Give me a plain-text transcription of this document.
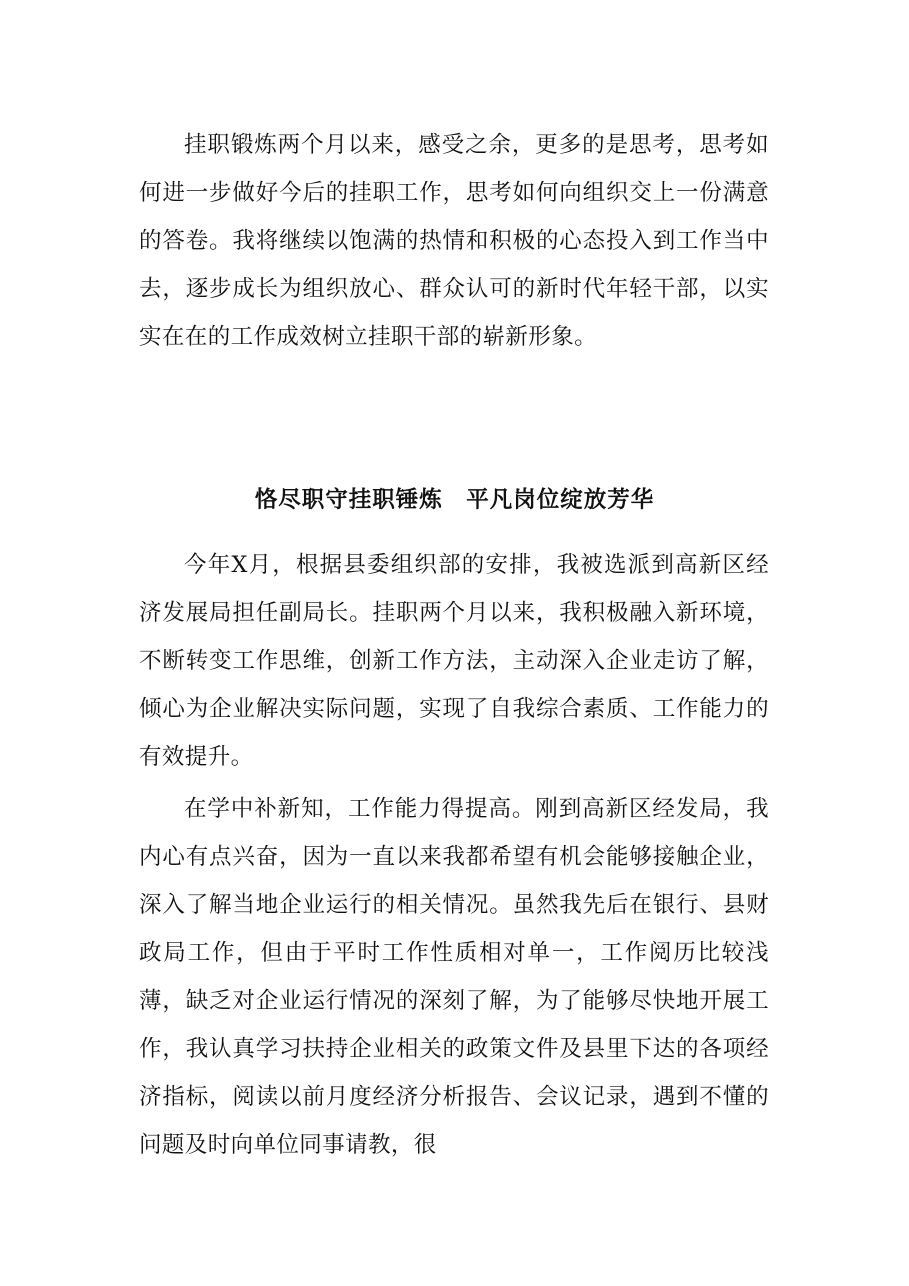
挂职锻炼两个月以来，感受之余，更多的是思考，思考如何进一步做好今后的挂职工作，思考如何向组织交上一份满意的答卷。我将继续以饱满的热情和积极的心态投入到工作当中去，逐步成长为组织放心、群众认可的新时代年轻干部，以实实在在的工作成效树立挂职干部的崭新形象。

恪尽职守挂职锤炼　平凡岗位绽放芳华

今年X月，根据县委组织部的安排，我被选派到高新区经济发展局担任副局长。挂职两个月以来，我积极融入新环境，不断转变工作思维，创新工作方法，主动深入企业走访了解，倾心为企业解决实际问题，实现了自我综合素质、工作能力的有效提升。

在学中补新知，工作能力得提高。刚到高新区经发局，我内心有点兴奋，因为一直以来我都希望有机会能够接触企业，深入了解当地企业运行的相关情况。虽然我先后在银行、县财政局工作，但由于平时工作性质相对单一，工作阅历比较浅薄，缺乏对企业运行情况的深刻了解，为了能够尽快地开展工作，我认真学习扶持企业相关的政策文件及县里下达的各项经济指标，阅读以前月度经济分析报告、会议记录，遇到不懂的问题及时向单位同事请教，很
